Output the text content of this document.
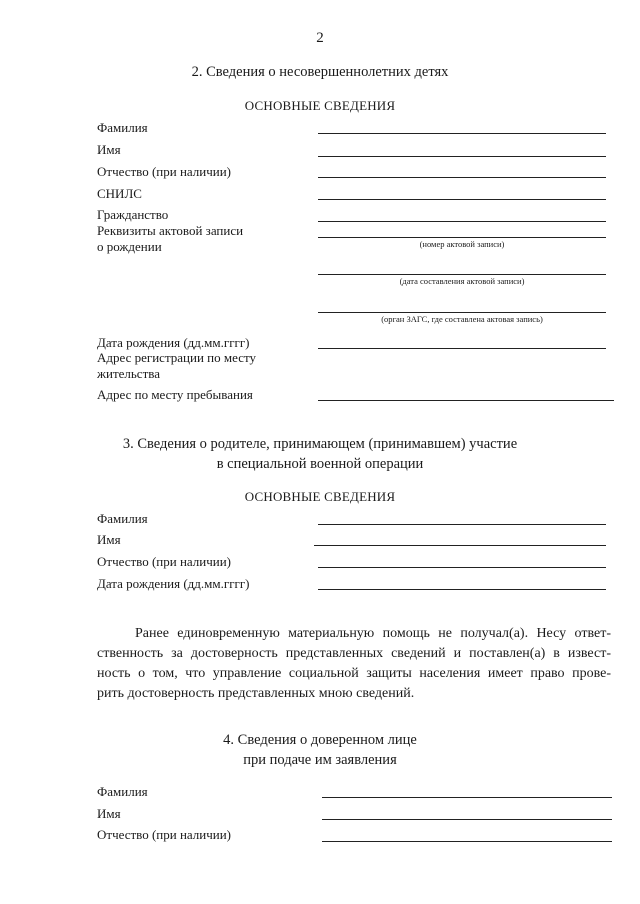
2
2. Сведения о несовершеннолетних детях
ОСНОВНЫЕ СВЕДЕНИЯ
Фамилия
Имя
Отчество (при наличии)
СНИЛС
Гражданство
Реквизиты актовой записи
о рождении	(номер актовой записи)
(дата составления актовой записи)
(орган ЗАГС, где составлена актовая запись)
Дата рождения (дд.мм.гггг)
Адрес регистрации по месту
жительства
Адрес по месту пребывания
3. Сведения о родителе, принимающем (принимавшем) участие
в специальной военной операции
ОСНОВНЫЕ СВЕДЕНИЯ
Фамилия
Имя
Отчество (при наличии)
Дата рождения (дд.мм.гггг)
Ранее единовременную материальную помощь не получал(а). Несу ответ-
ственность за достоверность представленных сведений и поставлен(а) в извест-
ность о том, что управление социальной защиты населения имеет право прове-
рить достоверность представленных мною сведений.
4. Сведения о доверенном лице
при подаче им заявления
Фамилия
Имя
Отчество (при наличии)
